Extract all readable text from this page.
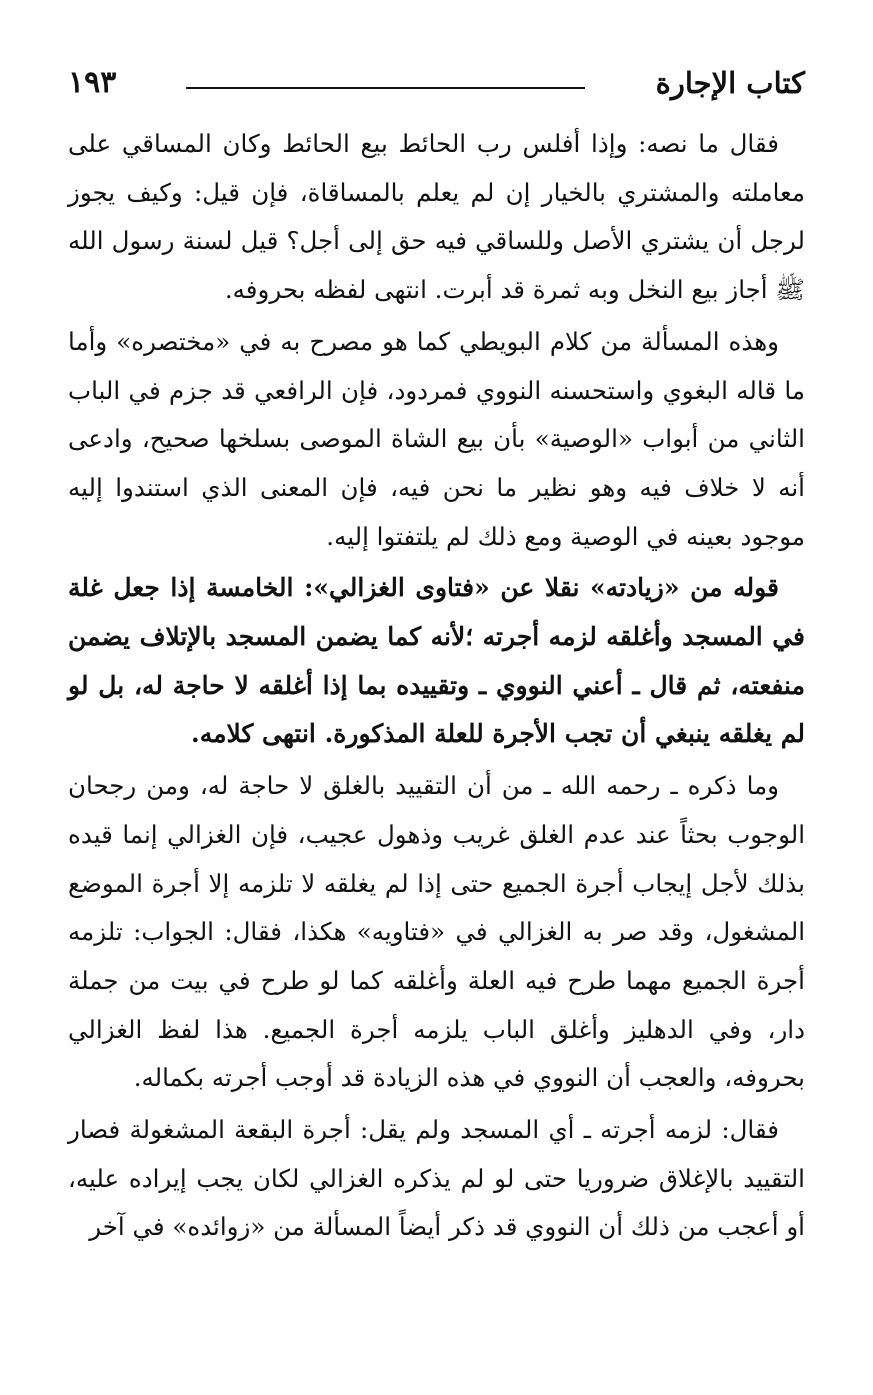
كتاب الإجارة
١٩٣

فقال ما نصه: وإذا أفلس رب الحائط بيع الحائط وكان المساقي على معاملته والمشتري بالخيار إن لم يعلم بالمساقاة، فإن قيل: وكيف يجوز لرجل أن يشتري الأصل وللساقي فيه حق إلى أجل؟ قيل لسنة رسول الله ﷺ أجاز بيع النخل وبه ثمرة قد أبرت. انتهى لفظه بحروفه.

وهذه المسألة من كلام البويطي كما هو مصرح به في «مختصره» وأما ما قاله البغوي واستحسنه النووي فمردود، فإن الرافعي قد جزم في الباب الثاني من أبواب «الوصية» بأن بيع الشاة الموصى بسلخها صحيح، وادعى أنه لا خلاف فيه وهو نظير ما نحن فيه، فإن المعنى الذي استندوا إليه موجود بعينه في الوصية ومع ذلك لم يلتفتوا إليه.

قوله من «زيادته» نقلا عن «فتاوى الغزالي»: الخامسة إذا جعل غلة في المسجد وأغلقه لزمه أجرته ؛لأنه كما يضمن المسجد بالإتلاف يضمن منفعته، ثم قال ـ أعني النووي ـ وتقييده بما إذا أغلقه لا حاجة له، بل لو لم يغلقه ينبغي أن تجب الأجرة للعلة المذكورة. انتهى كلامه.

وما ذكره ـ رحمه الله ـ من أن التقييد بالغلق لا حاجة له، ومن رجحان الوجوب بحثاً عند عدم الغلق غريب وذهول عجيب، فإن الغزالي إنما قيده بذلك لأجل إيجاب أجرة الجميع حتى إذا لم يغلقه لا تلزمه إلا أجرة الموضع المشغول، وقد صر به الغزالي في «فتاويه» هكذا، فقال: الجواب: تلزمه أجرة الجميع مهما طرح فيه العلة وأغلقه كما لو طرح في بيت من جملة دار، وفي الدهليز وأغلق الباب يلزمه أجرة الجميع. هذا لفظ الغزالي بحروفه، والعجب أن النووي في هذه الزيادة قد أوجب أجرته بكماله.

فقال: لزمه أجرته ـ أي المسجد ولم يقل: أجرة البقعة المشغولة فصار التقييد بالإغلاق ضروريا حتى لو لم يذكره الغزالي لكان يجب إيراده عليه، أو أعجب من ذلك أن النووي قد ذكر أيضاً المسألة من «زوائده» في آخر
